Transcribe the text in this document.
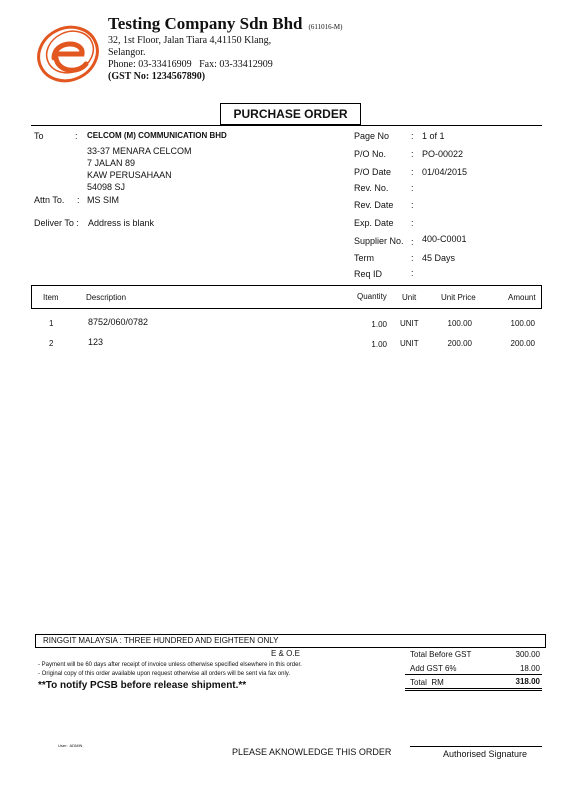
Testing Company Sdn Bhd (611016-M)
32, 1st Floor, Jalan Tiara 4,41150 Klang,
Selangor.
Phone: 03-33416909   Fax: 03-33412909
(GST No: 1234567890)
PURCHASE ORDER
To	: CELCOM (M) COMMUNICATION BHD
33-37 MENARA CELCOM
7 JALAN 89
KAW PERUSAHAAN
54098 SJ
Attn To. : MS SIM
Deliver To : Address is blank
Page No : 1 of 1
P/O No.	: PO-00022
P/O Date : 01/04/2015
Rev. No.	:
Rev. Date :
Exp. Date :
Supplier No. : 400-C0001
Term	: 45 Days
Req ID	:
Item	Description	Quantity Unit	Unit Price	Amount
1	8752/060/0782	1.00 UNIT	100.00	100.00
2	123	1.00 UNIT	200.00	200.00
RINGGIT MALAYSIA : THREE HUNDRED AND EIGHTEEN ONLY
E & O.E
- Payment will be 60 days after receipt of invoice unless otherwise specified elsewhere in this order.
- Original copy of this order available upon request otherwise all orders will be sent via fax only.
**To notify PCSB before release shipment.**
Total Before GST	300.00
Add GST 6%	18.00
Total  RM	318.00
User:  ADMIN
PLEASE AKNOWLEDGE THIS ORDER	Authorised Signature
